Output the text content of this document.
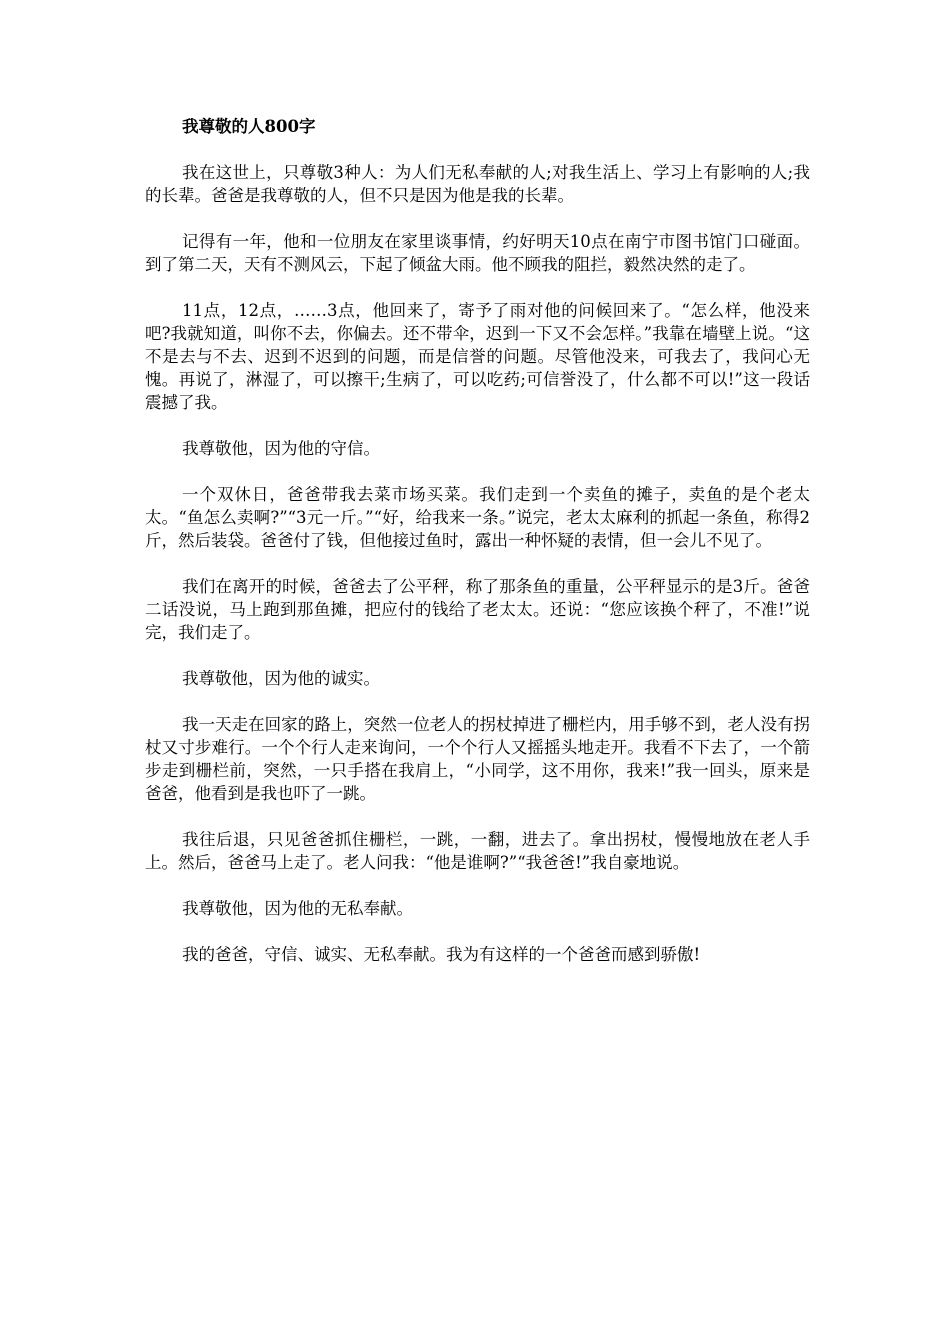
我尊敬的人800字

我在这世上，只尊敬3种人：为人们无私奉献的人;对我生活上、学习上有影响的人;我的长辈。爸爸是我尊敬的人，但不只是因为他是我的长辈。

记得有一年，他和一位朋友在家里谈事情，约好明天10点在南宁市图书馆门口碰面。到了第二天，天有不测风云，下起了倾盆大雨。他不顾我的阻拦，毅然决然的走了。

11点，12点，……3点，他回来了，寄予了雨对他的问候回来了。“怎么样，他没来吧?我就知道，叫你不去，你偏去。还不带伞，迟到一下又不会怎样。”我靠在墙壁上说。“这不是去与不去、迟到不迟到的问题，而是信誉的问题。尽管他没来，可我去了，我问心无愧。再说了，淋湿了，可以擦干;生病了，可以吃药;可信誉没了，什么都不可以!”这一段话震撼了我。

我尊敬他，因为他的守信。

一个双休日，爸爸带我去菜市场买菜。我们走到一个卖鱼的摊子，卖鱼的是个老太太。“鱼怎么卖啊?”“3元一斤。”“好，给我来一条。”说完，老太太麻利的抓起一条鱼，称得2斤，然后装袋。爸爸付了钱，但他接过鱼时，露出一种怀疑的表情，但一会儿不见了。

我们在离开的时候，爸爸去了公平秤，称了那条鱼的重量，公平秤显示的是3斤。爸爸二话没说，马上跑到那鱼摊，把应付的钱给了老太太。还说：“您应该换个秤了，不准!”说完，我们走了。

我尊敬他，因为他的诚实。

我一天走在回家的路上，突然一位老人的拐杖掉进了栅栏内，用手够不到，老人没有拐杖又寸步难行。一个个行人走来询问，一个个行人又摇摇头地走开。我看不下去了，一个箭步走到栅栏前，突然，一只手搭在我肩上，“小同学，这不用你，我来!”我一回头，原来是爸爸，他看到是我也吓了一跳。

我往后退，只见爸爸抓住栅栏，一跳，一翻，进去了。拿出拐杖，慢慢地放在老人手上。然后，爸爸马上走了。老人问我：“他是谁啊?”“我爸爸!”我自豪地说。

我尊敬他，因为他的无私奉献。

我的爸爸，守信、诚实、无私奉献。我为有这样的一个爸爸而感到骄傲!
